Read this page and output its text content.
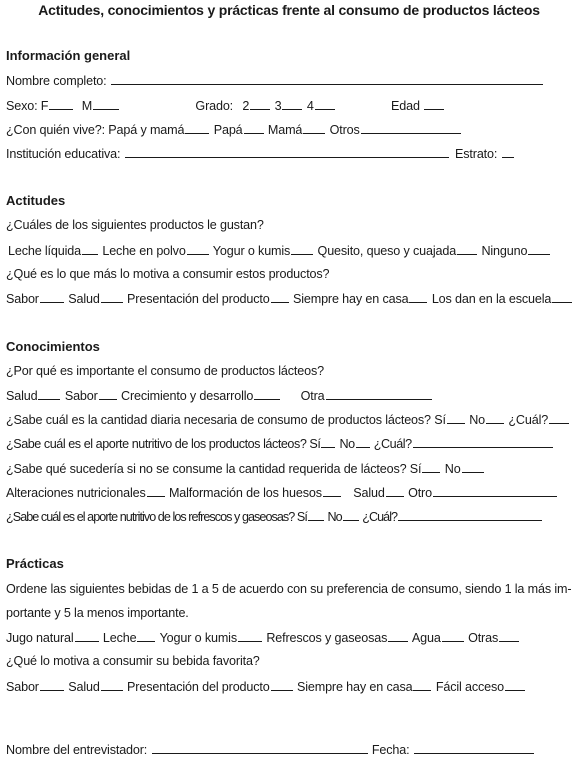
Actitudes, conocimientos y prácticas frente al consumo de productos lácteos
Información general
Nombre completo:
Sexo: F	M	Grado: 2 3 4	Edad
¿Con quién vive?: Papá y mamá Papá Mamá Otros
Institución educativa:	Estrato:
Actitudes
¿Cuáles de los siguientes productos le gustan?
Leche líquida Leche en polvo Yogur o kumis Quesito, queso y cuajada Ninguno
¿Qué es lo que más lo motiva a consumir estos productos?
Sabor Salud Presentación del producto Siempre hay en casa Los dan en la escuela
Conocimientos
¿Por qué es importante el consumo de productos lácteos?
Salud Sabor Crecimiento y desarrollo	Otra
¿Sabe cuál es la cantidad diaria necesaria de consumo de productos lácteos? Sí No ¿Cuál?
¿Sabe cuál es el aporte nutritivo de los productos lácteos? Sí No ¿Cuál?
¿Sabe qué sucedería si no se consume la cantidad requerida de lácteos? Sí No
Alteraciones nutricionales Malformación de los huesos Salud Otro
¿Sabe cuál es el aporte nutritivo de los refrescos y gaseosas? Sí No ¿Cuál?
Prácticas
Ordene las siguientes bebidas de 1 a 5 de acuerdo con su preferencia de consumo, siendo 1 la más im-
portante y 5 la menos importante.
Jugo natural Leche Yogur o kumis Refrescos y gaseosas Agua Otras
¿Qué lo motiva a consumir su bebida favorita?
Sabor Salud Presentación del producto Siempre hay en casa Fácil acceso
Nombre del entrevistador:	Fecha:
